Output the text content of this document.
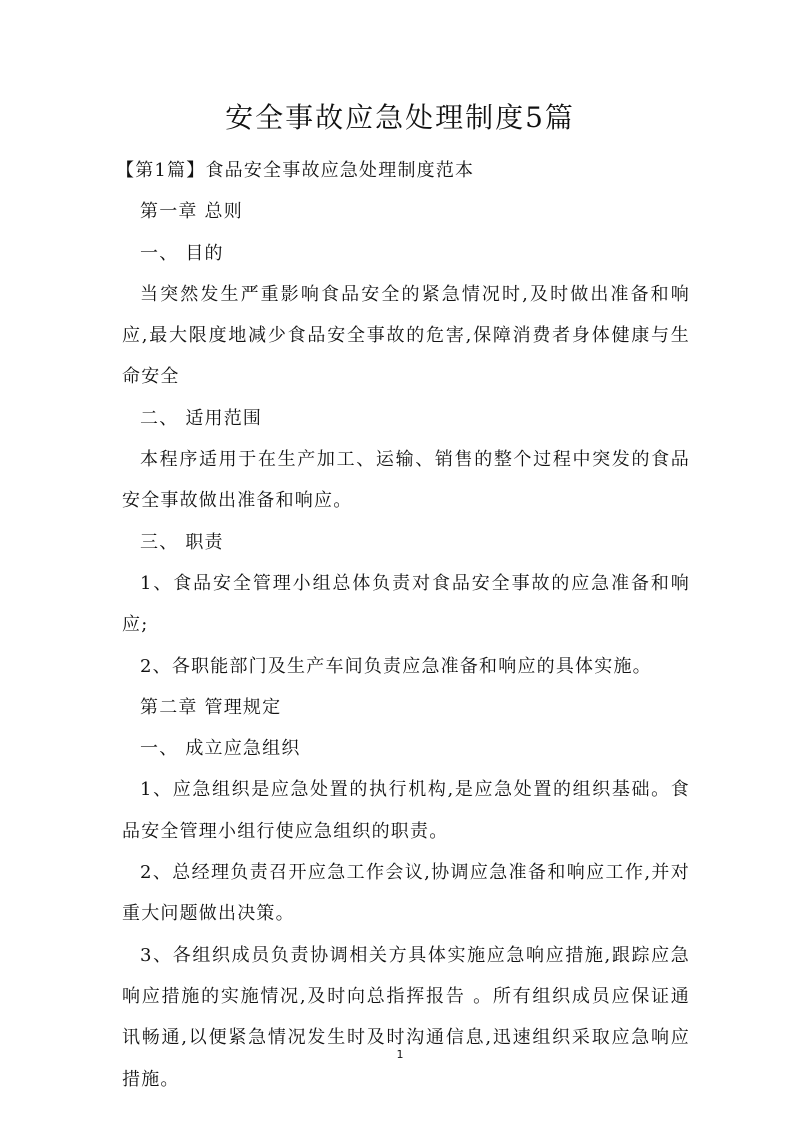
安全事故应急处理制度5篇

【第1篇】食品安全事故应急处理制度范本

第一章 总则

一、 目的

当突然发生严重影响食品安全的紧急情况时,及时做出准备和响应,最大限度地减少食品安全事故的危害,保障消费者身体健康与生命安全

二、 适用范围

本程序适用于在生产加工、运输、销售的整个过程中突发的食品安全事故做出准备和响应。

三、 职责

1、食品安全管理小组总体负责对食品安全事故的应急准备和响应;

2、各职能部门及生产车间负责应急准备和响应的具体实施。

第二章 管理规定

一、 成立应急组织

1、应急组织是应急处置的执行机构,是应急处置的组织基础。食品安全管理小组行使应急组织的职责。

2、总经理负责召开应急工作会议,协调应急准备和响应工作,并对重大问题做出决策。

3、各组织成员负责协调相关方具体实施应急响应措施,跟踪应急响应措施的实施情况,及时向总指挥报告 。所有组织成员应保证通讯畅通,以便紧急情况发生时及时沟通信息,迅速组织采取应急响应措施。

1
